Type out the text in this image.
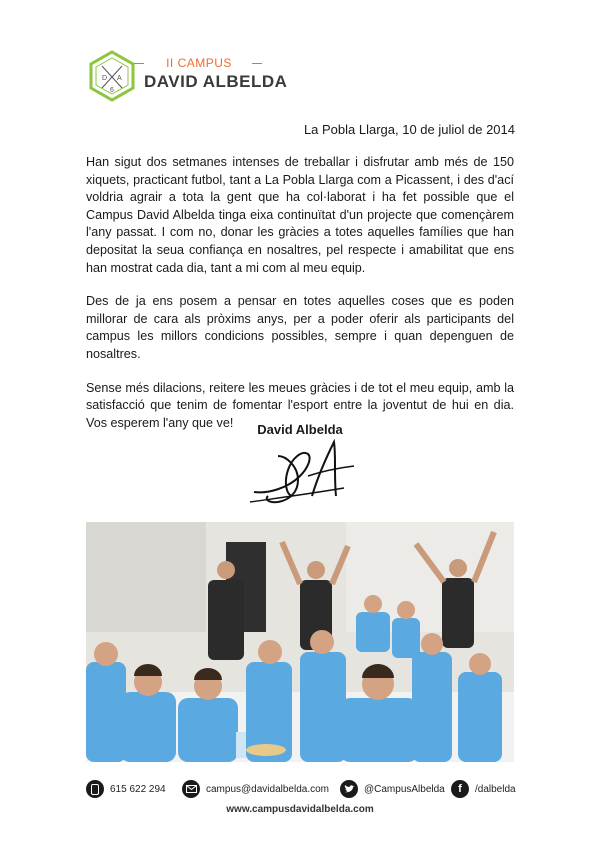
D A
6
II CAMPUS
DAVID ALBELDA
La Pobla Llarga, 10 de juliol de 2014

Han sigut dos setmanes intenses de treballar i disfrutar amb més de 150 xiquets, practicant futbol, tant a La Pobla Llarga com a Picassent, i des d'ací voldria agrair a tota la gent que ha col·laborat i ha fet possible que el Campus David Albelda tinga eixa continuïtat d'un projecte que començàrem l'any passat. I com no, donar les gràcies a totes aquelles famílies que han depositat la seua confiança en nosaltres, pel respecte i amabilitat que ens han mostrat cada dia, tant a mi com al meu equip.

Des de ja ens posem a pensar en totes aquelles coses que es poden millorar de cara als pròxims anys, per a poder oferir als participants del campus les millors condicions possibles, sempre i quan depenguen de nosaltres.

Sense més dilacions, reitere les meues gràcies i de tot el meu equip, amb la satisfacció que tenim de fomentar l'esport entre la joventut de hui en dia. Vos esperem l'any que ve!	David Albelda
615 622 294	campus@davidalbelda.com	@CampusAlbelda	f	/dalbelda
www.campusdavidalbelda.com
